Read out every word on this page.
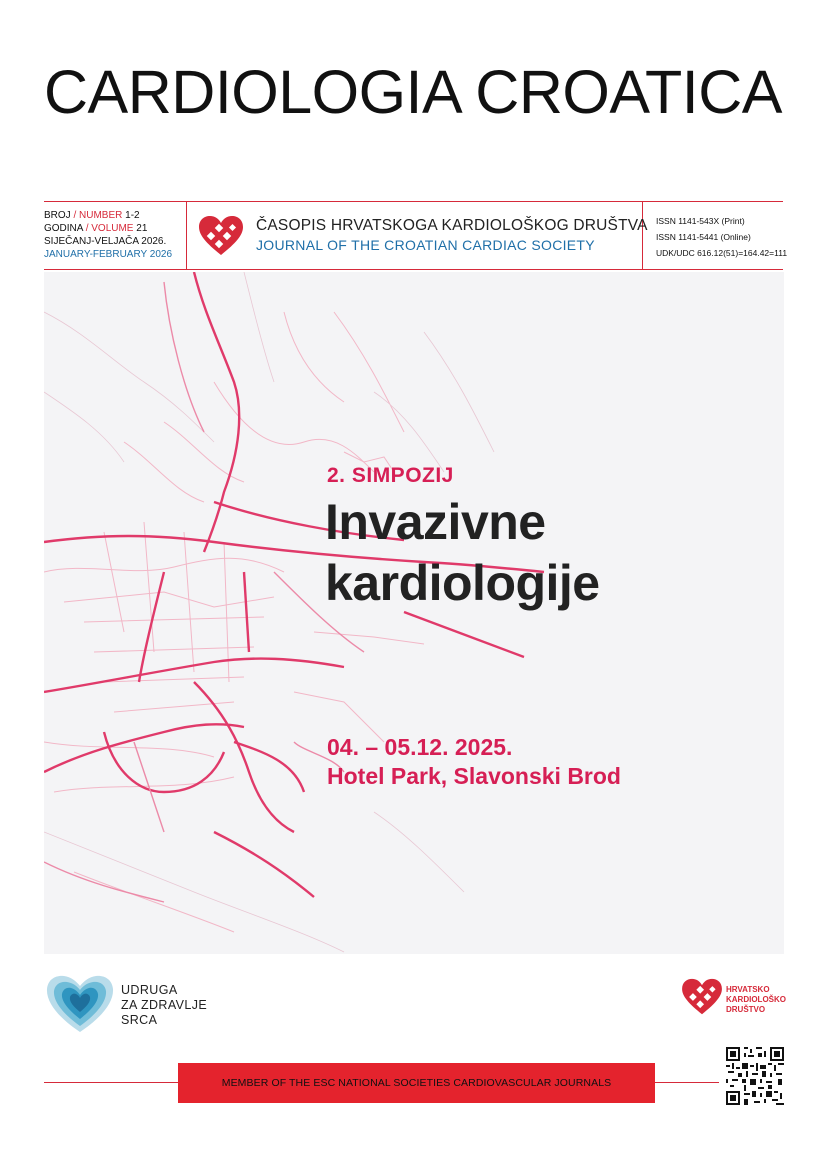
CARDIOLOGIA CROATICA
BROJ / NUMBER 1-2
GODINA / VOLUME 21
SIJEČANJ-VELJAČA 2026.
JANUARY-FEBRUARY 2026
ČASOPIS HRVATSKOGA KARDIOLOŠKOG DRUŠTVA
JOURNAL OF THE CROATIAN CARDIAC SOCIETY
ISSN 1141-543X (Print)
ISSN 1141-5441 (Online)
UDK/UDC 616.12(51)=164.42=111
2. SIMPOZIJ
Invazivne
kardiologije
04. – 05.12. 2025.
Hotel Park, Slavonski Brod
UDRUGA
ZA ZDRAVLJE
SRCA
HRVATSKO
KARDIOLOŠKO
DRUŠTVO
MEMBER OF THE ESC NATIONAL SOCIETIES CARDIOVASCULAR JOURNALS
